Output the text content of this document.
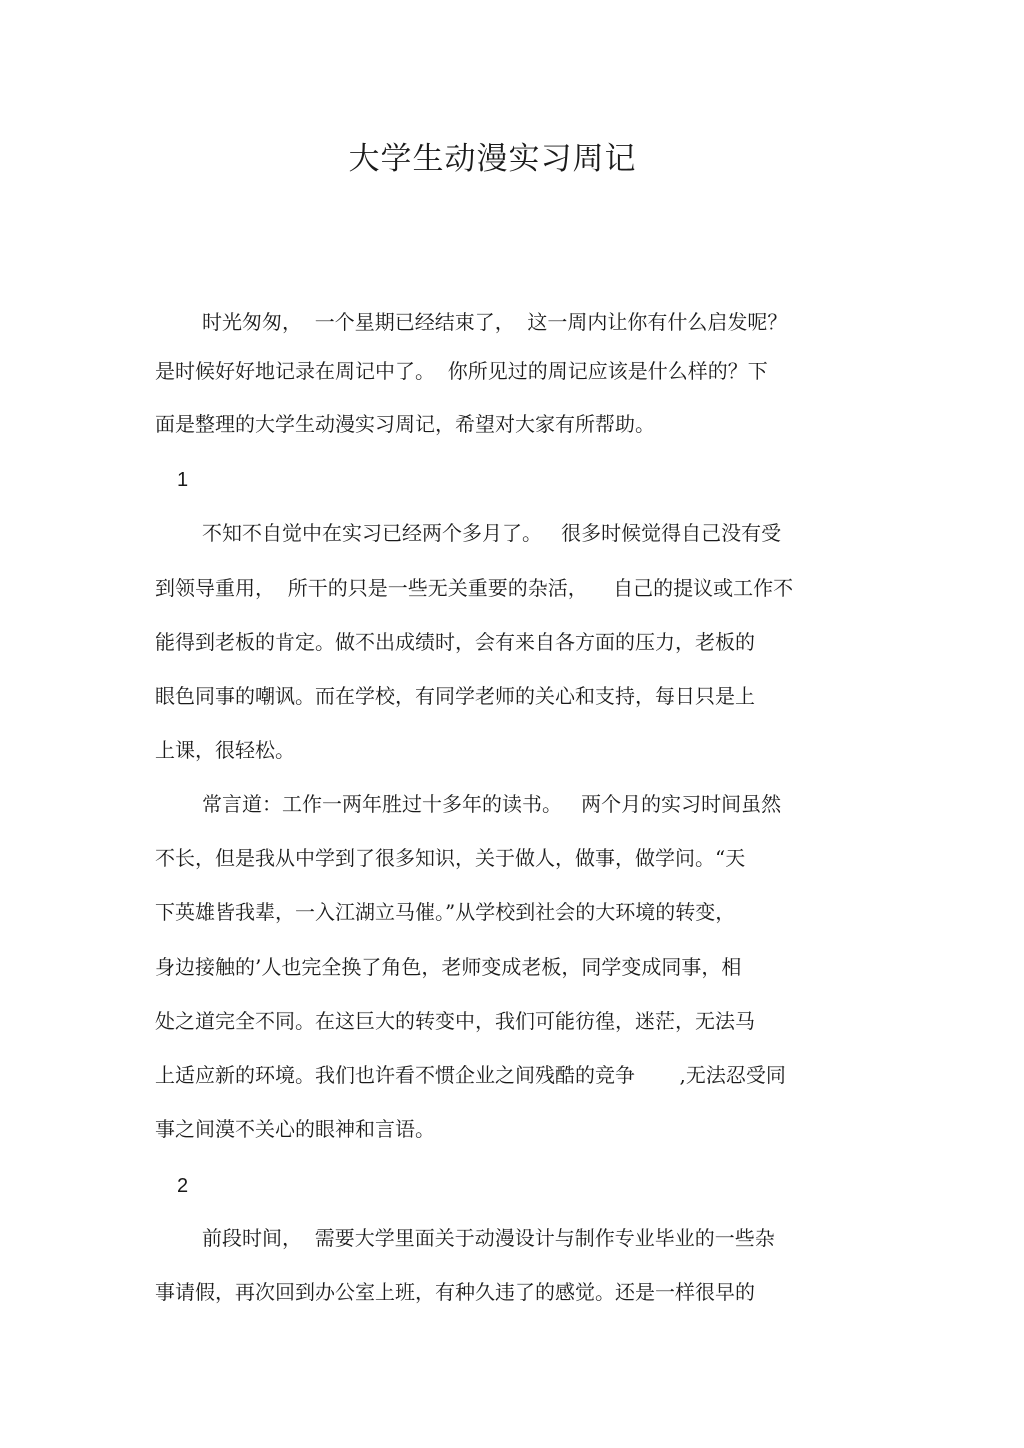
大学生动漫实习周记

时光匆匆，  一个星期已经结束了，  这一周内让你有什么启发呢？

是时候好好地记录在周记中了。  你所见过的周记应该是什么样的？下

面是整理的大学生动漫实习周记，希望对大家有所帮助。

1

不知不自觉中在实习已经两个多月了。   很多时候觉得自己没有受

到领导重用，  所干的只是一些无关重要的杂活，    自己的提议或工作不

能得到老板的肯定。做不出成绩时，会有来自各方面的压力，老板的

眼色同事的嘲讽。而在学校，有同学老师的关心和支持，每日只是上

上课，很轻松。

常言道：工作一两年胜过十多年的读书。   两个月的实习时间虽然

不长，但是我从中学到了很多知识，关于做人，做事，做学问。“天

下英雄皆我辈，一入江湖立马催。”从学校到社会的大环境的转变，

身边接触的’人也完全换了角色，老师变成老板，同学变成同事，相

处之道完全不同。在这巨大的转变中，我们可能彷徨，迷茫，无法马

上适应新的环境。我们也许看不惯企业之间残酷的竞争       ,无法忍受同

事之间漠不关心的眼神和言语。

2

前段时间，  需要大学里面关于动漫设计与制作专业毕业的一些杂

事请假，再次回到办公室上班，有种久违了的感觉。还是一样很早的
